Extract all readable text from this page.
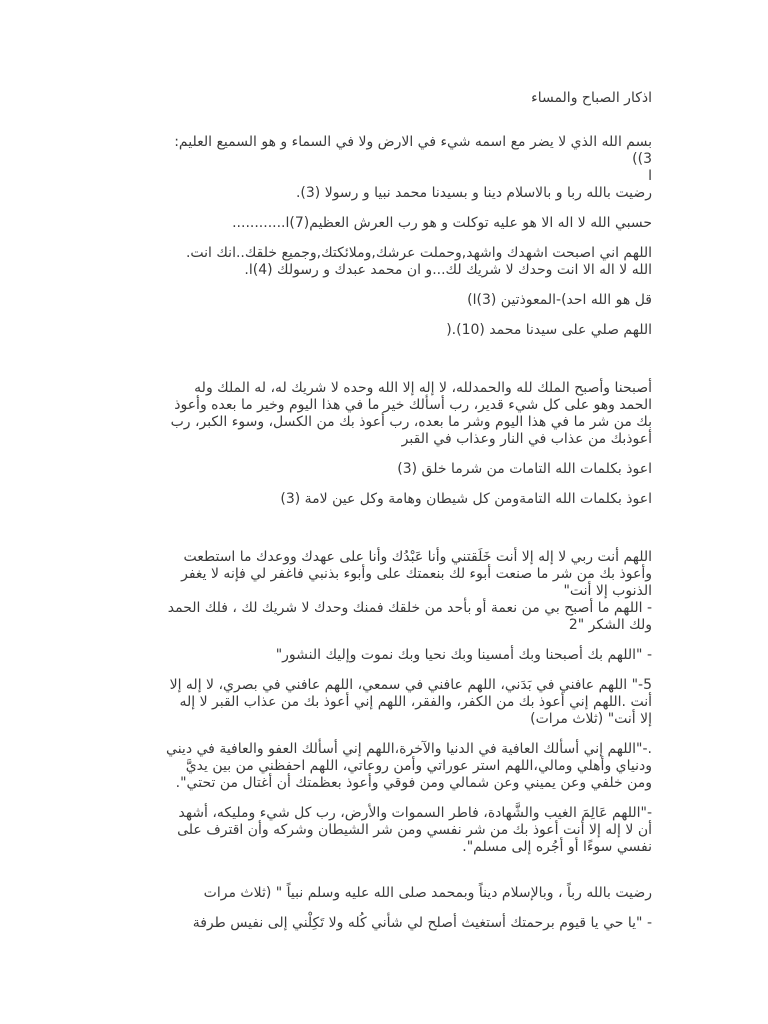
اذكار الصباح والمساء
بسم الله الذي لا يضر مع اسمه شيء في الارض ولا في السماء و هو السميع العليم:
3))
ا
رضيت بالله ربا و بالاسلام دينا و بسيدنا محمد نبيا و رسولا (3).
حسبي الله لا اله الا هو عليه توكلت و هو رب العرش العظيم(7)ا............
اللهم اني اصبحت اشهدك واشهد,وحملت عرشك,وملائكتك,وجميع خلقك..انك انت.
الله لا اله الا انت وحدك لا شريك لك...و ان محمد عبدك و رسولك (4)ا.
قل هو الله احد)-المعوذتين (3)ا)
اللهم صلي على سيدنا محمد (10).(
أصبحنا وأصبح الملك لله والحمدلله، لا إله إلا الله وحده لا شريك له، له الملك وله
الحمد وهو على كل شيء قدير، رب أسألك خير ما في هذا اليوم وخير ما بعده وأعوذ
بك من شر ما في هذا اليوم وشر ما بعده، رب أعوذ بك من الكسل، وسوء الكبر، رب
أعوذبك من عذاب في النار وعذاب في القبر
اعوذ بكلمات الله التامات من شرما خلق (3)
اعوذ بكلمات الله التامةومن كل شيطان وهامة وكل عين لامة (3)
اللهم أنت ربي لا إله إلا أنت خَلَقتني وأنا عَبْدُك وأنا على عهدك ووعدك ما استطعت
وأعوذ بك من شر ما صنعت أبوء لك بنعمتك على وأبوء بذنبي فاغفر لي فإنه لا يغفر
الذنوب إلا أنت"
- اللهم ما أصبح بي من نعمة أو بأحد من خلقك فمنك وحدك لا شريك لك ، فلك الحمد
ولك الشكر "2
- "اللهم بك أصبحنا وبك أمسينا وبك نحيا وبك نموت وإليك النشور"
5-" اللهم عافني في بَدَني، اللهم عافني في سمعي، اللهم عافني في بصري، لا إله إلا
أنت .اللهم إني أعوذ بك من الكفر، والفقر، اللهم إني أعوذ بك من عذاب القبر لا إله
إلا أنت" (ثلاث مرات)
.-"اللهم إني أسألك العافية في الدنيا والآخرة،اللهم إني أسألك العفو والعافية في ديني
ودنياي وأهلي ومالي،اللهم استر عوراتي وأمن روعاتي، اللهم احفظني من بين يديَّ
ومن خلفي وعن يميني وعن شمالي ومن فوقي وأعوذ بعظمتك أن أغتال من تحتي".
-"اللهم عَالِمَ الغيب والشَّهادة، فاطر السموات والأرض، رب كل شيء ومليكه، أشهد
أن لا إله إلا أنت أعوذ بك من شر نفسي ومن شر الشيطان وشركه وأن اقترف على
نفسي سوءًا أو أجُره إلى مسلم".
رضيت بالله رباً ، وبالإسلام ديناً وبمحمد صلى الله عليه وسلم نبياً " (ثلاث مرات
- "يا حي يا قيوم برحمتك أستغيث أصلح لي شأني كُله ولا تَكِلْني إلى نفيس طرفة
